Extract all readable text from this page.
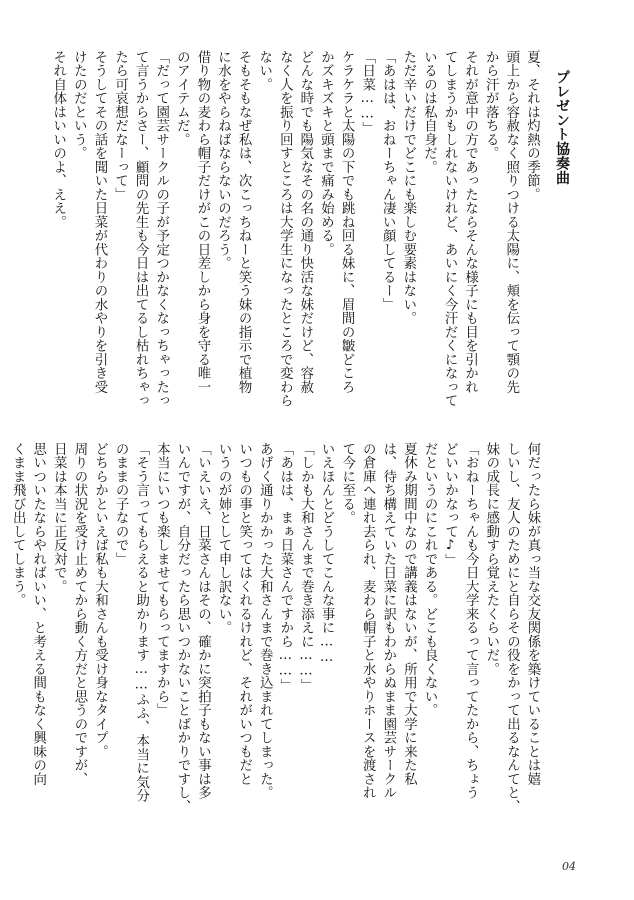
プレゼント協奏曲
夏、それは灼熱の季節。
頭上から容赦なく照りつける太陽に、頬を伝って顎の先
から汗が落ちる。
それが意中の方であったならそんな様子にも目を引かれ
てしまうかもしれないけれど、あいにく今汗だくになって
いるのは私自身だ。
ただ辛いだけでどこにも楽しむ要素はない。
「あはは、おねーちゃん凄い顔してるー」
「日菜……」
ケラケラと太陽の下でも跳ね回る妹に、眉間の皺どころ
かズキズキと頭まで痛み始める。
どんな時でも陽気なその名の通り快活な妹だけど、容赦
なく人を振り回すところは大学生になったところで変わら
ない。
そもそもなぜ私は、次こっちねーと笑う妹の指示で植物
に水をやらねばならないのだろう。
借り物の麦わら帽子だけがこの日差しから身を守る唯一
のアイテムだ。
「だって園芸サークルの子が予定つかなくなっちゃったっ
て言うからさー、顧問の先生も今日は出てるし枯れちゃっ
たら可哀想だなーって」
そうしてその話を聞いた日菜が代わりの水やりを引き受
けたのだという。
それ自体はいいのよ、ええ。
何だったら妹が真っ当な交友関係を築けていることは嬉
しいし、友人のためにと自らその役をかって出るなんてと、
妹の成長に感動すら覚えたくらいだ。
「おねーちゃんも今日大学来るって言ってたから、ちょう
どいいかなって♪」
だというのにこれである。どこも良くない。
夏休み期間中なので講義はないが、所用で大学に来た私
は、待ち構えていた日菜に訳もわからぬまま園芸サークル
の倉庫へ連れ去られ、麦わら帽子と水やりホースを渡され
て今に至る。
いえほんとどうしてこんな事に……
「しかも大和さんまで巻き添えに……」
「あはは、まぁ日菜さんですから……」
あげく通りかかった大和さんまで巻き込まれてしまった。
いつもの事と笑ってはくれるけれど、それがいつもだと
いうのが姉として申し訳ない。
「いえいえ、日菜さんはその、確かに突拍子もない事は多
いんですが、自分だったら思いつかないことばかりですし、
本当にいつも楽しませてもらってますから」
「そう言ってもらえると助かります……ふふ、本当に気分
のままの子なので」
どちらかといえば私も大和さんも受け身なタイプ。
周りの状況を受け止めてから動く方だと思うのですが、
日菜は本当に正反対で。
思いついたならやればいい、と考える間もなく興味の向
くまま飛び出してしまう。
04
